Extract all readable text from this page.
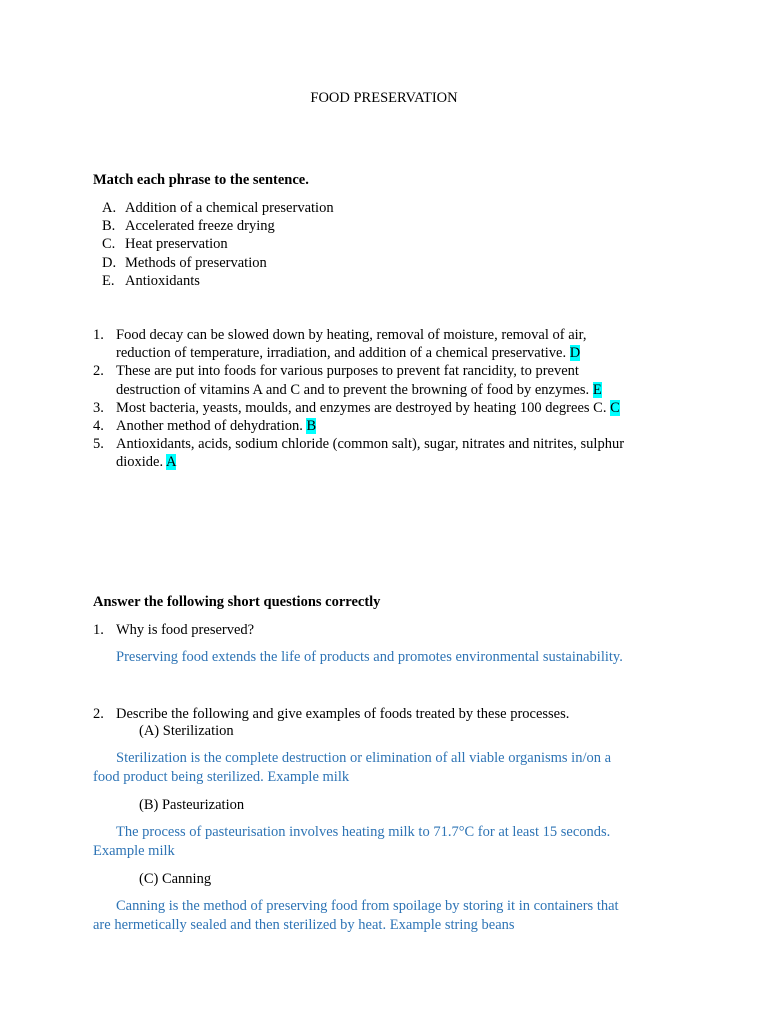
FOOD PRESERVATION
Match each phrase to the sentence.
A. Addition of a chemical preservation
B. Accelerated freeze drying
C. Heat preservation
D. Methods of preservation
E. Antioxidants
1. Food decay can be slowed down by heating, removal of moisture, removal of air,
reduction of temperature, irradiation, and addition of a chemical preservative. D
2. These are put into foods for various purposes to prevent fat rancidity, to prevent
destruction of vitamins A and C and to prevent the browning of food by enzymes. E
3. Most bacteria, yeasts, moulds, and enzymes are destroyed by heating 100 degrees C. C
4. Another method of dehydration. B
5. Antioxidants, acids, sodium chloride (common salt), sugar, nitrates and nitrites, sulphur
dioxide. A
Answer the following short questions correctly
1. Why is food preserved?
Preserving food extends the life of products and promotes environmental sustainability.
2. Describe the following and give examples of foods treated by these processes.
(A) Sterilization
Sterilization is the complete destruction or elimination of all viable organisms in/on a
food product being sterilized. Example milk
(B) Pasteurization
The process of pasteurisation involves heating milk to 71.7°C for at least 15 seconds.
Example milk
(C) Canning
Canning is the method of preserving food from spoilage by storing it in containers that
are hermetically sealed and then sterilized by heat. Example string beans
